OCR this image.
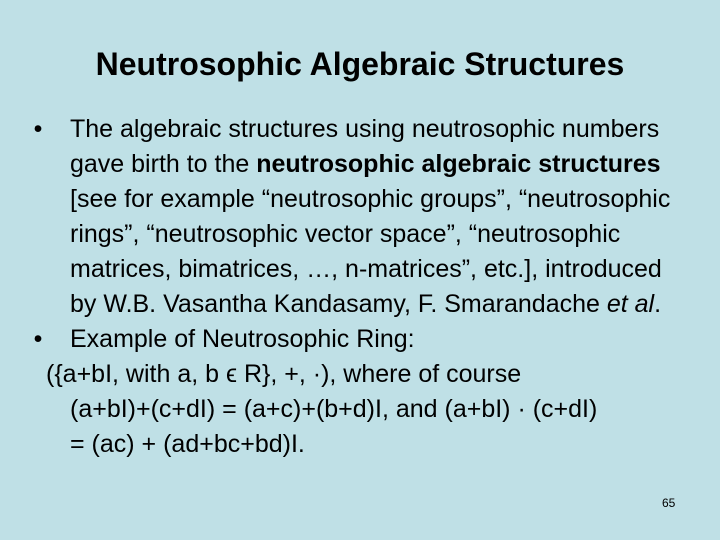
Neutrosophic Algebraic Structures
• The algebraic structures using neutrosophic numbers gave birth to the neutrosophic algebraic structures [see for example “neutrosophic groups”, “neutrosophic rings”, “neutrosophic vector space”, “neutrosophic matrices, bimatrices, …, n-matrices”, etc.], introduced by W.B. Vasantha Kandasamy, F. Smarandache et al.
• Example of Neutrosophic Ring:
({a+bI, with a, b ϵ R}, +, ·), where of course
(a+bI)+(c+dI) = (a+c)+(b+d)I, and (a+bI) · (c+dI)
= (ac) + (ad+bc+bd)I.
65
